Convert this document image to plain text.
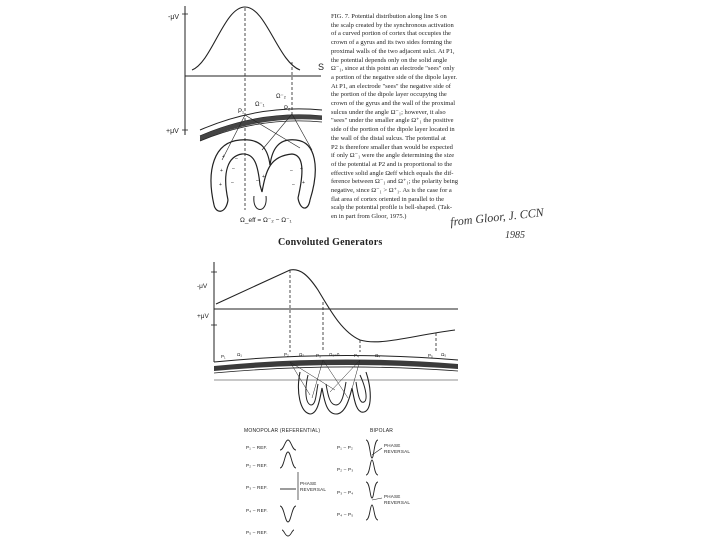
-μV
+μV
S
P₁	P₂
Ω⁻₁
Ω⁻₂
+
+
+
–
–
–
+
+
–
–
+
–
Ω_eff = Ω⁻₂ − Ω⁻₁
FIG. 7. Potential distribution along line S on
the scalp created by the synchronous activation
of a curved portion of cortex that occupies the
crown of a gyrus and its two sides forming the
proximal walls of the two adjacent sulci. At P1,
the potential depends only on the solid angle
Ω⁻₁, since at this point an electrode "sees" only
a portion of the negative side of the dipole layer.
At P1, an electrode "sees" the negative side of
the portion of the dipole layer occupying the
crown of the gyrus and the wall of the proximal
sulcus under the angle Ω⁻₁; however, it also
"sees" under the smaller angle Ω⁺₁ the positive
side of the portion of the dipole layer located in
the wall of the distal sulcus. The potential at
P2 is therefore smaller than would be expected
if only Ω⁻₁ were the angle determining the size
of the potential at P2 and is proportional to the
effective solid angle Ωeff which equals the dif-
ference between Ω⁻₁ and Ω⁺₁; the polarity being
negative, since Ω⁻₁ > Ω⁺₁. As is the case for a
flat area of cortex oriented in parallel to the
scalp the potential profile is bell-shaped. (Tak-
en in part from Gloor, 1975.)	from Gloor, J. CCN
1985
Convoluted Generators
-μV
+μV
P₁	Ω₁	P₂ Ω₂	P₃ Ω₃=0	P₄	Ω₄	P₅ Ω₅
MONOPOLAR (REFERENTIAL)	BIPOLAR
P₁ – REF.
P₂ – REF.
P₃ – REF.
P₄ – REF.
P₅ – REF.
P₁ – P₂
P₂ – P₃
P₃ – P₄
P₄ – P₅
PHASE REVERSAL
PHASE REVERSAL
PHASE REVERSAL
